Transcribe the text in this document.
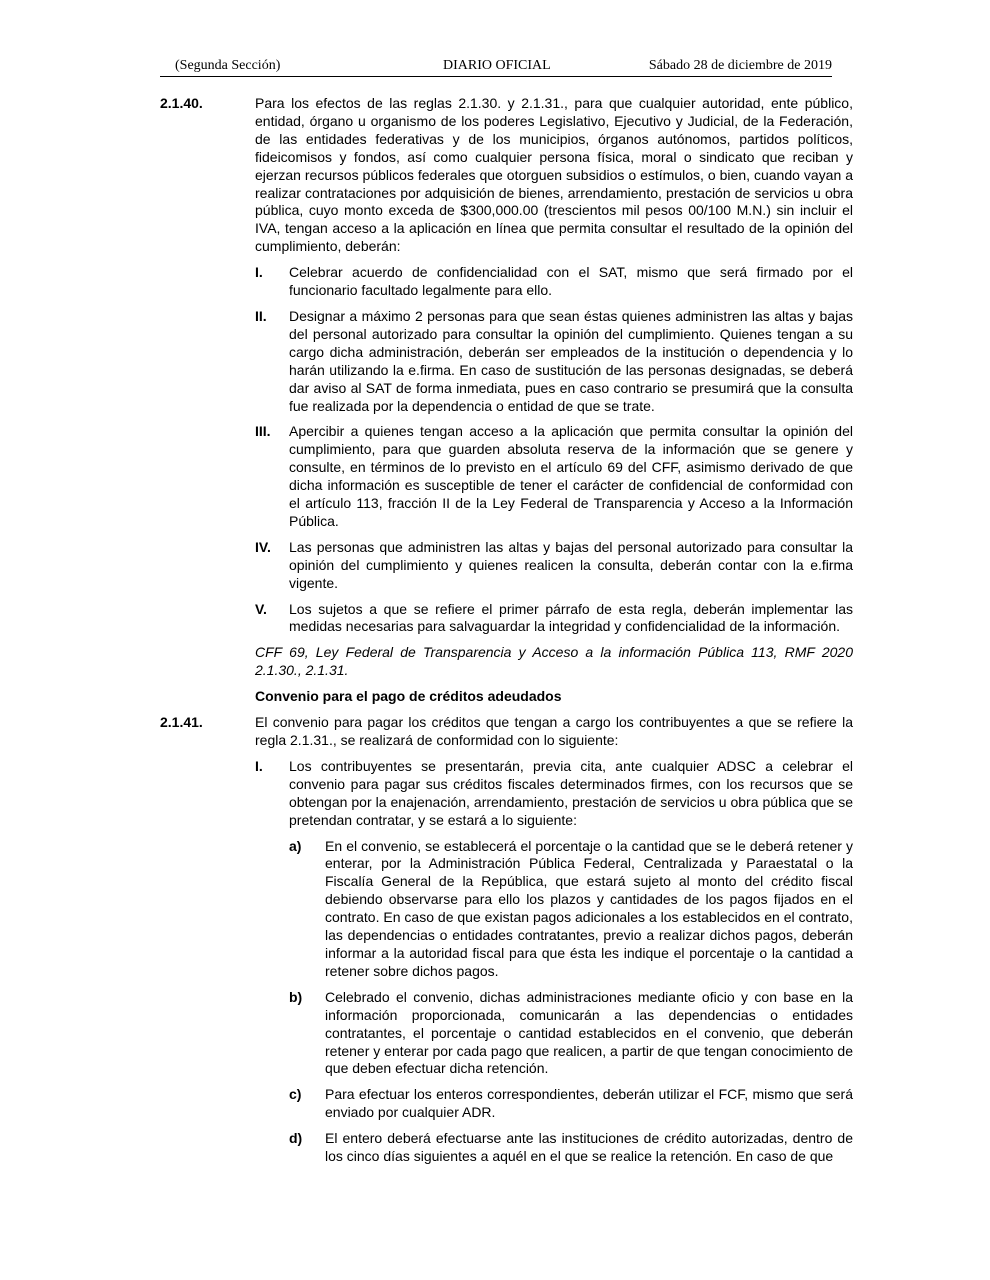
(Segunda Sección)	DIARIO OFICIAL	Sábado 28 de diciembre de 2019
2.1.40.	Para los efectos de las reglas 2.1.30. y 2.1.31., para que cualquier autoridad, ente público, entidad, órgano u organismo de los poderes Legislativo, Ejecutivo y Judicial, de la Federación, de las entidades federativas y de los municipios, órganos autónomos, partidos políticos, fideicomisos y fondos, así como cualquier persona física, moral o sindicato que reciban y ejerzan recursos públicos federales que otorguen subsidios o estímulos, o bien, cuando vayan a realizar contrataciones por adquisición de bienes, arrendamiento, prestación de servicios u obra pública, cuyo monto exceda de $300,000.00 (trescientos mil pesos 00/100 M.N.) sin incluir el IVA, tengan acceso a la aplicación en línea que permita consultar el resultado de la opinión del cumplimiento, deberán:

I. Celebrar acuerdo de confidencialidad con el SAT, mismo que será firmado por el funcionario facultado legalmente para ello.

II. Designar a máximo 2 personas para que sean éstas quienes administren las altas y bajas del personal autorizado para consultar la opinión del cumplimiento. Quienes tengan a su cargo dicha administración, deberán ser empleados de la institución o dependencia y lo harán utilizando la e.firma. En caso de sustitución de las personas designadas, se deberá dar aviso al SAT de forma inmediata, pues en caso contrario se presumirá que la consulta fue realizada por la dependencia o entidad de que se trate.

III. Apercibir a quienes tengan acceso a la aplicación que permita consultar la opinión del cumplimiento, para que guarden absoluta reserva de la información que se genere y consulte, en términos de lo previsto en el artículo 69 del CFF, asimismo derivado de que dicha información es susceptible de tener el carácter de confidencial de conformidad con el artículo 113, fracción II de la Ley Federal de Transparencia y Acceso a la Información Pública.

IV. Las personas que administren las altas y bajas del personal autorizado para consultar la opinión del cumplimiento y quienes realicen la consulta, deberán contar con la e.firma vigente.

V. Los sujetos a que se refiere el primer párrafo de esta regla, deberán implementar las medidas necesarias para salvaguardar la integridad y confidencialidad de la información.

CFF 69, Ley Federal de Transparencia y Acceso a la información Pública 113, RMF 2020 2.1.30., 2.1.31.

Convenio para el pago de créditos adeudados

2.1.41.	El convenio para pagar los créditos que tengan a cargo los contribuyentes a que se refiere la regla 2.1.31., se realizará de conformidad con lo siguiente:

I. Los contribuyentes se presentarán, previa cita, ante cualquier ADSC a celebrar el convenio para pagar sus créditos fiscales determinados firmes, con los recursos que se obtengan por la enajenación, arrendamiento, prestación de servicios u obra pública que se pretendan contratar, y se estará a lo siguiente:

a) En el convenio, se establecerá el porcentaje o la cantidad que se le deberá retener y enterar, por la Administración Pública Federal, Centralizada y Paraestatal o la Fiscalía General de la República, que estará sujeto al monto del crédito fiscal debiendo observarse para ello los plazos y cantidades de los pagos fijados en el contrato. En caso de que existan pagos adicionales a los establecidos en el contrato, las dependencias o entidades contratantes, previo a realizar dichos pagos, deberán informar a la autoridad fiscal para que ésta les indique el porcentaje o la cantidad a retener sobre dichos pagos.

b) Celebrado el convenio, dichas administraciones mediante oficio y con base en la información proporcionada, comunicarán a las dependencias o entidades contratantes, el porcentaje o cantidad establecidos en el convenio, que deberán retener y enterar por cada pago que realicen, a partir de que tengan conocimiento de que deben efectuar dicha retención.

c) Para efectuar los enteros correspondientes, deberán utilizar el FCF, mismo que será enviado por cualquier ADR.

d) El entero deberá efectuarse ante las instituciones de crédito autorizadas, dentro de los cinco días siguientes a aquél en el que se realice la retención. En caso de que
